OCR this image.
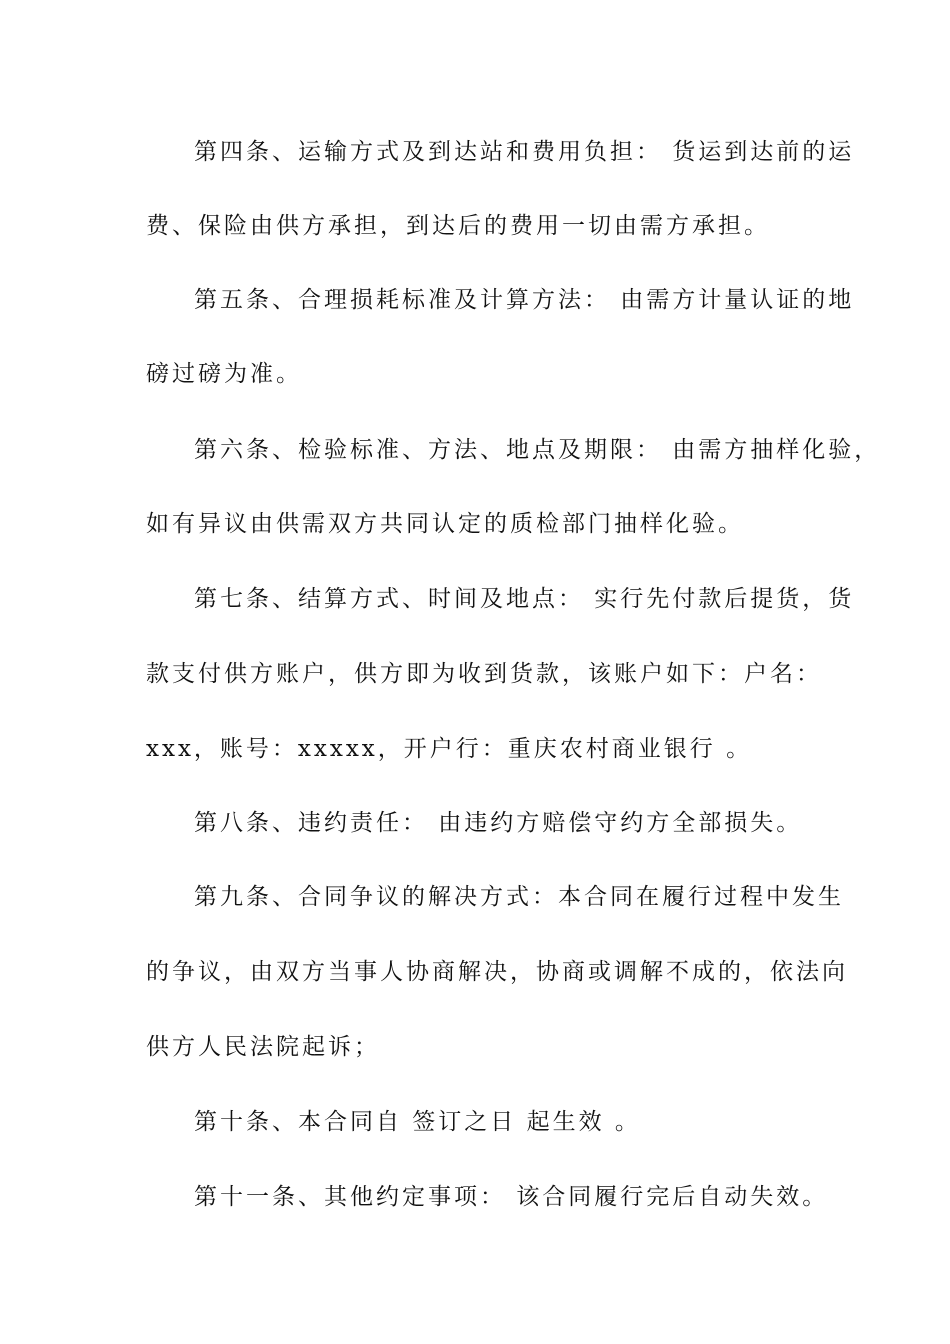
第四条、运输方式及到达站和费用负担： 货运到达前的运
费、保险由供方承担，到达后的费用一切由需方承担。
第五条、合理损耗标准及计算方法： 由需方计量认证的地
磅过磅为准。
第六条、检验标准、方法、地点及期限： 由需方抽样化验，
如有异议由供需双方共同认定的质检部门抽样化验。
第七条、结算方式、时间及地点： 实行先付款后提货，货
款支付供方账户，供方即为收到货款，该账户如下：户名：
xxx，账号：xxxxx，开户行：重庆农村商业银行 。
第八条、违约责任： 由违约方赔偿守约方全部损失。
第九条、合同争议的解决方式：本合同在履行过程中发生
的争议，由双方当事人协商解决，协商或调解不成的，依法向
供方人民法院起诉；
第十条、本合同自 签订之日 起生效 。
第十一条、其他约定事项： 该合同履行完后自动失效。
